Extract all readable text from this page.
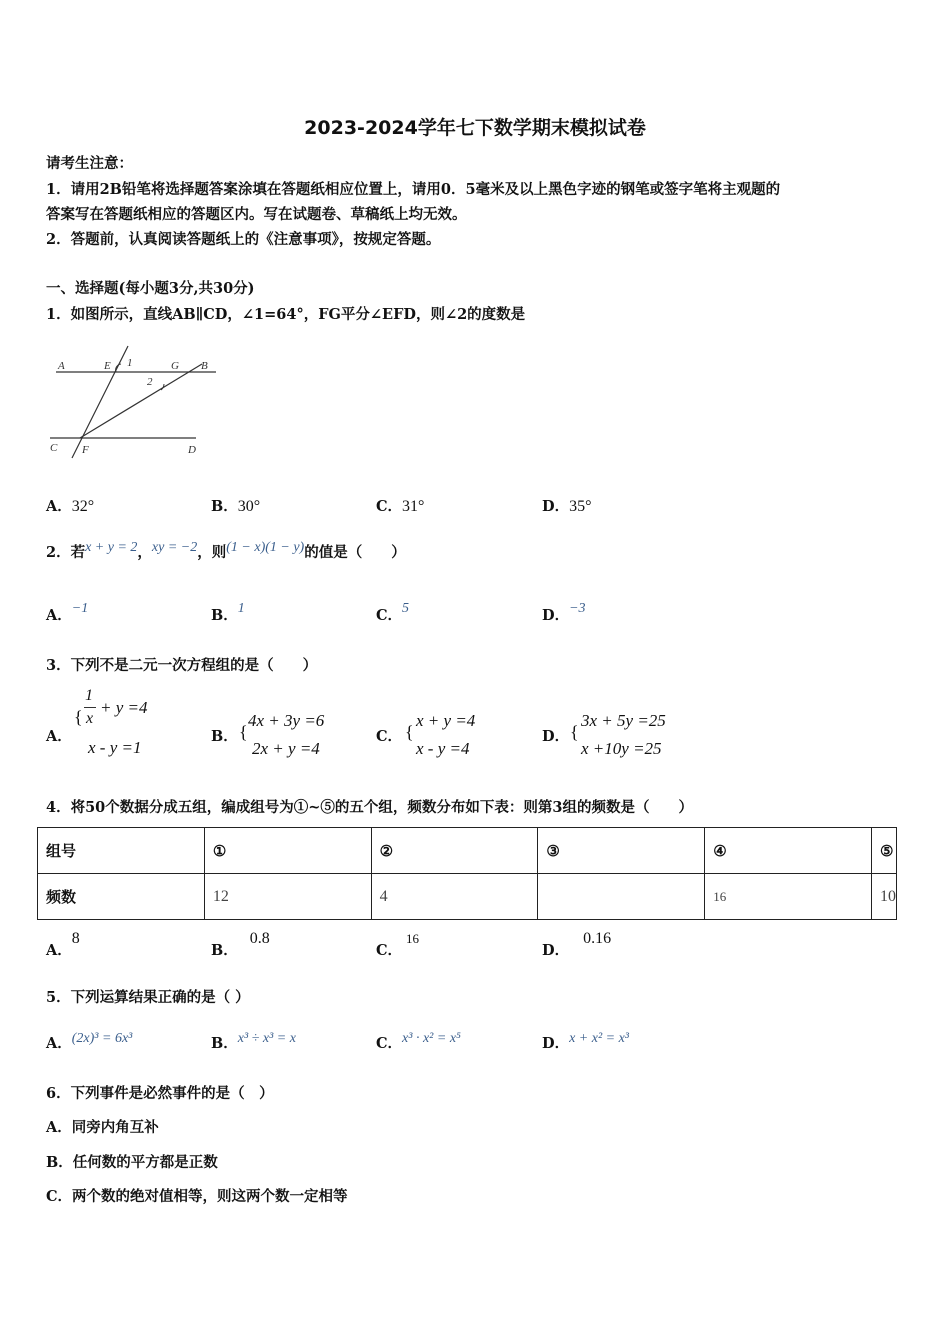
2023-2024学年七下数学期末模拟试卷
请考生注意：
1．请用2B铅笔将选择题答案涂填在答题纸相应位置上，请用0．5毫米及以上黑色字迹的钢笔或签字笔将主观题的
答案写在答题纸相应的答题区内。写在试题卷、草稿纸上均无效。
2．答题前，认真阅读答题纸上的《注意事项》，按规定答题。
一、选择题(每小题3分,共30分)
1．如图所示，直线AB∥CD，∠1=64°，FG平分∠EFD，则∠2的度数是
A	E 1	G B
2
C F	D
A．32°	B．30°	C．31°	D．35°
2．若x + y = 2，xy = −2，则(1 − x)(1 − y)的值是（　　）
A．−1	B．1	C．5	D．−3
3．下列不是二元一次方程组的是（　　）
A．
{
1
x
+ y =4
x - y =1
B． {
4x + 3y =6
2x + y =4
C． {
x + y =4
x - y =4
D． {
3x + 5y =25
x +10y =25
4．将50个数据分成五组，编成组号为①~⑤的五个组，频数分布如下表：则第3组的频数是（　　）
组号	①	②	③	④	⑤
频数	12	4		16	10
A．8
B．0.8
C．16
D．0.16
5．下列运算结果正确的是（ ）
A．(2x)³ = 6x³	B．x³ ÷ x³ = x	C．x³ · x² = x⁵	D．x + x² = x³
6．下列事件是必然事件的是（　）
A．同旁内角互补
B．任何数的平方都是正数
C．两个数的绝对值相等，则这两个数一定相等
